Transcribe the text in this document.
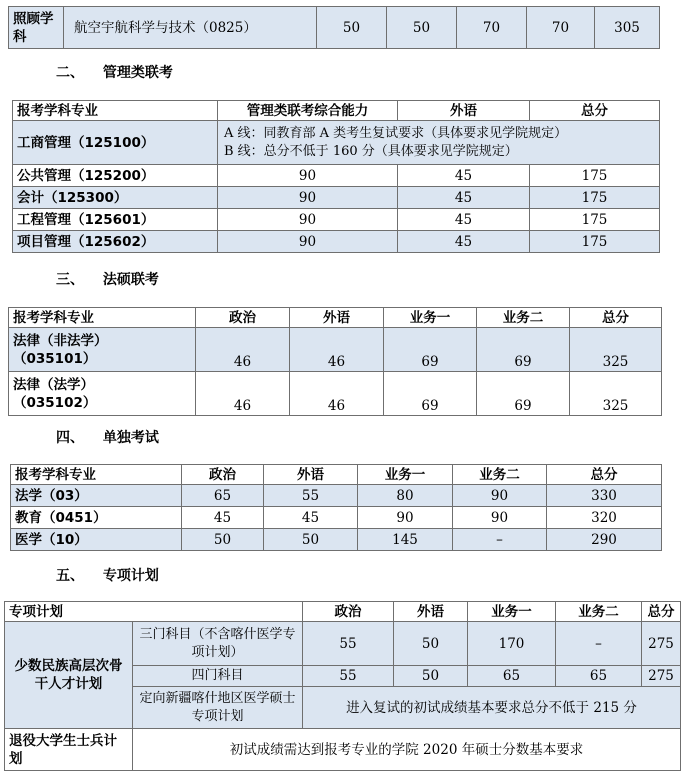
照顾学科	航空宇航科学与技术（0825）	50	50	70	70	305
二、 管理类联考
报考学科专业	管理类联考综合能力	外语	总分
工商管理（125100）	A 线：同教育部 A 类考生复试要求（具体要求见学院规定）
B 线：总分不低于 160 分（具体要求见学院规定）		

公共管理（125200）	90	45	175
会计（125300）	90	45	175
工程管理（125601）	90	45	175
项目管理（125602）	90	45	175
三、 法硕联考
报考学科专业	政治	外语	业务一	业务二	总分

法律（非法学）
（035101）	46	46	69	69	325

法律（法学）
（035102）	46	46	69	69	325
四、 单独考试
报考学科专业	政治	外语	业务一	业务二	总分
法学（03）	65	55	80	90	330
教育（0451）	45	45	90	90	320
医学（10）	50	50	145	–	290
五、 专项计划
专项计划		政治	外语	业务一	业务二	总分
少数民族高层次骨干人才计划	三门科目（不含喀什医学专项计划）	55	50	170	–	275
	四门科目	55	50	65	65	275
	定向新疆喀什地区医学硕士专项计划	进入复试的初试成绩基本要求总分不低于 215 分				
退役大学生士兵计划	初试成绩需达到报考专业的学院 2020 年硕士分数基本要求					
